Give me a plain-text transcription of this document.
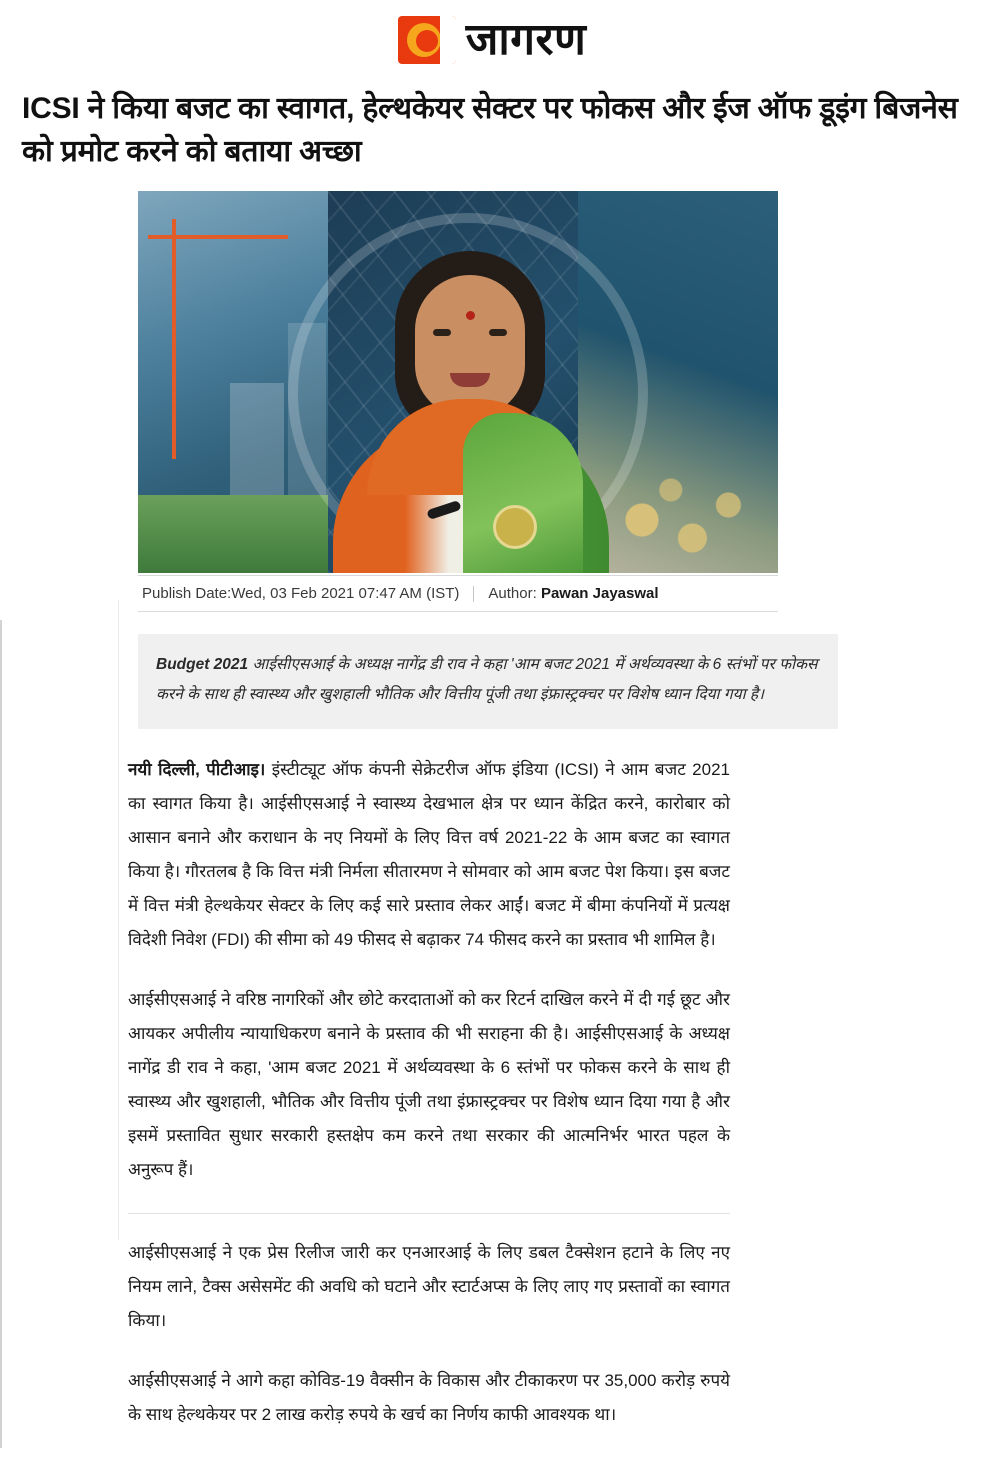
जागरण
ICSI ने किया बजट का स्वागत, हेल्थकेयर सेक्टर पर फोकस और ईज ऑफ डूइंग बिजनेस को प्रमोट करने को बताया अच्छा
Publish Date:Wed, 03 Feb 2021 07:47 AM (IST) Author: Pawan Jayaswal
Budget 2021 आईसीएसआई के अध्यक्ष नागेंद्र डी राव ने कहा 'आम बजट 2021 में अर्थव्यवस्था के 6 स्तंभों पर फोकस करने के साथ ही स्वास्थ्य और खुशहाली भौतिक और वित्तीय पूंजी तथा इंफ्रास्ट्रक्चर पर विशेष ध्यान दिया गया है।

नयी दिल्ली, पीटीआइ। इंस्टीट्यूट ऑफ कंपनी सेक्रेटरीज ऑफ इंडिया (ICSI) ने आम बजट 2021 का स्वागत किया है। आईसीएसआई ने स्वास्थ्य देखभाल क्षेत्र पर ध्यान केंद्रित करने, कारोबार को आसान बनाने और कराधान के नए नियमों के लिए वित्त वर्ष 2021-22 के आम बजट का स्वागत किया है। गौरतलब है कि वित्त मंत्री निर्मला सीतारमण ने सोमवार को आम बजट पेश किया। इस बजट में वित्त मंत्री हेल्थकेयर सेक्टर के लिए कई सारे प्रस्ताव लेकर आईं। बजट में बीमा कंपनियों में प्रत्यक्ष विदेशी निवेश (FDI) की सीमा को 49 फीसद से बढ़ाकर 74 फीसद करने का प्रस्ताव भी शामिल है।

आईसीएसआई ने वरिष्ठ नागरिकों और छोटे करदाताओं को कर रिटर्न दाखिल करने में दी गई छूट और आयकर अपीलीय न्यायाधिकरण बनाने के प्रस्ताव की भी सराहना की है। आईसीएसआई के अध्यक्ष नागेंद्र डी राव ने कहा, 'आम बजट 2021 में अर्थव्यवस्था के 6 स्तंभों पर फोकस करने के साथ ही स्वास्थ्य और खुशहाली, भौतिक और वित्तीय पूंजी तथा इंफ्रास्ट्रक्चर पर विशेष ध्यान दिया गया है और इसमें प्रस्तावित सुधार सरकारी हस्तक्षेप कम करने तथा सरकार की आत्मनिर्भर भारत पहल के अनुरूप हैं।

आईसीएसआई ने एक प्रेस रिलीज जारी कर एनआरआई के लिए डबल टैक्सेशन हटाने के लिए नए नियम लाने, टैक्स असेसमेंट की अवधि को घटाने और स्टार्टअप्स के लिए लाए गए प्रस्तावों का स्वागत किया।

आईसीएसआई ने आगे कहा कोविड-19 वैक्सीन के विकास और टीकाकरण पर 35,000 करोड़ रुपये के साथ हेल्थकेयर पर 2 लाख करोड़ रुपये के खर्च का निर्णय काफी आवश्यक था।
